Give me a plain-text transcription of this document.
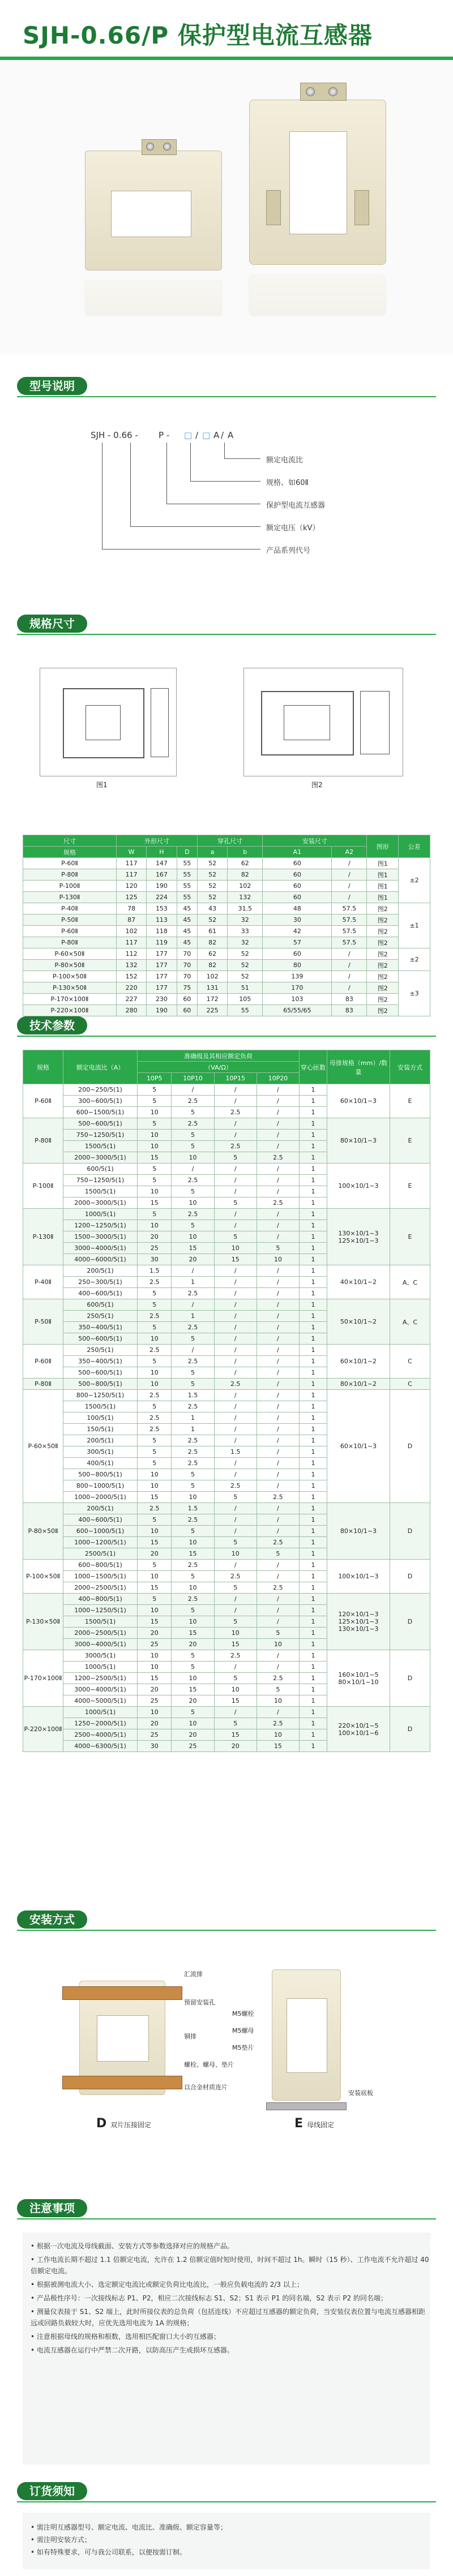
SJH-0.66/P 保护型电流互感器
型号说明
SJH - 0.66 - P - □ / □ A / A
额定电流比
规格、如60Ⅱ
保护型电流互感器
额定电压（kV）
产品系列代号
规格尺寸
图1	图2
尺寸	外形尺寸			穿孔尺寸		安装尺寸		图形	公差
规格	W	H	D	a	b	A1	A2		
P-60Ⅱ	117	147	55	52	62	60	/	图1	±2
P-80Ⅱ	117	167	55	52	82	60	/	图1	
P-100Ⅱ	120	190	55	52	102	60	/	图1	
P-130Ⅱ	125	224	55	52	132	60	/	图1	
P-40Ⅱ	78	153	45	43	31.5	48	57.5	图2	±1
P-50Ⅱ	87	113	45	52	32	30	57.5	图2	
P-60Ⅱ	102	118	45	61	33	42	57.5	图2	
P-80Ⅱ	117	119	45	82	32	57	57.5	图2	
P-60×50Ⅱ	112	177	70	62	52	60	/	图2	±2
P-80×50Ⅱ	132	177	70	82	52	80	/	图2	
P-100×50Ⅱ	152	177	70	102	52	139	/	图2	±3
P-130×50Ⅱ	220	177	75	131	51	170	/	图2	
P-170×100Ⅱ	227	230	60	172	105	103	83	图2	
P-220×100Ⅱ	280	190	60	225	55	65/55/65	83	图2	
技术参数
规格	额定电流比（A）	准确级及其相应额定负荷				穿心匝数	母排规格（mm）/数量	安装方式
		（VA/Ω）						
		10P5	10P10	10P15	10P20			
P-60Ⅱ	200~250/5(1)	5	/	/	/	1	60×10/1~3	E
	300~600/5(1)	5	2.5	/	/	1		
	600~1500/5(1)	10	5	2.5	/	1		
P-80Ⅱ	500~600/5(1)	5	2.5	/	/	1	80×10/1~3	E
	750~1250/5(1)	10	5	/	/	1		
	1500/5(1)	10	5	2.5	/	1		
	2000~3000/5(1)	15	10	5	2.5	1		
P-100Ⅱ	600/5(1)	5	/	/	/	1	100×10/1~3	E
	750~1250/5(1)	5	2.5	/	/	1		
	1500/5(1)	10	5	/	/	1		
	2000~3000/5(1)	15	10	5	2.5	1		
P-130Ⅱ	1000/5(1)	5	2.5	/	/	1	130×10/1~3
125×10/1~3	E
	1200~1250/5(1)	10	5	/	/	1		
	1500~3000/5(1)	20	10	5	/	1		
	3000~4000/5(1)	25	15	10	5	1		
	4000~6000/5(1)	30	20	15	10	1		
P-40Ⅱ	200/5(1)	1.5	/	/	/	1	40×10/1~2	A、C
	250~300/5(1)	2.5	1	/	/	1		
	400~600/5(1)	5	2.5	/	/	1		
P-50Ⅱ	600/5(1)	5	/	/	/	1	50×10/1~2	A、C
	250/5(1)	2.5	1	/	/	1		
	350~400/5(1)	5	2.5	/	/	1		
	500~600/5(1)	10	5	/	/	1		
P-60Ⅱ	250/5(1)	2.5	/	/	/	1	60×10/1~2	C
	350~400/5(1)	5	2.5	/	/	1		
	500~600/5(1)	10	5	/	/	1		
P-80Ⅱ	500~800/5(1)	10	5	2.5	/	1	80×10/1~2	C
P-60×50Ⅱ	800~1250/5(1)	2.5	1.5	/	/	1	60×10/1~3	D
	1500/5(1)	5	2.5	/	/	1		
	100/5(1)	2.5	1	/	/	1		
	150/5(1)	2.5	1	/	/	1		
	200/5(1)	5	2.5	/	/	1		
	300/5(1)	5	2.5	1.5	/	1		
	400/5(1)	5	2.5	/	/	1		
	500~800/5(1)	10	5	/	/	1		
	800~1000/5(1)	10	5	2.5	/	1		
	1000~2000/5(1)	15	10	5	2.5	1		
P-80×50Ⅱ	200/5(1)	2.5	1.5	/	/	1	80×10/1~3	D
	400~600/5(1)	5	2.5	/	/	1		
	600~1000/5(1)	10	5	/	/	1		
	1000~1200/5(1)	15	10	5	2.5	1		
	2500/5(1)	20	15	10	5	1		
P-100×50Ⅱ	600~800/5(1)	5	2.5	/	/	1	100×10/1~3	D
	1000~1500/5(1)	10	5	2.5	/	1		
	2000~2500/5(1)	15	10	5	2.5	1		
P-130×50Ⅱ	400~800/5(1)	5	2.5	/	/	1	120×10/1~3
125×10/1~3
130×10/1~3	D
	1000~1250/5(1)	10	5	/	/	1		
	1500/5(1)	15	10	5	/	1		
	2000~2500/5(1)	20	15	10	5	1		
	3000~4000/5(1)	25	20	15	10	1		
P-170×100Ⅱ	3000/5(1)	10	5	2.5	/	1	160×10/1~5
80×10/1~10	D
	1000/5(1)	10	5	/	/	1		
	1200~2500/5(1)	15	10	5	2.5	1		
	3000~4000/5(1)	20	15	10	5	1		
	4000~5000/5(1)	25	20	15	10	1		
P-220×100Ⅱ	1000/5(1)	10	5	/	/	1	220×10/1~5
100×10/1~6	D
	1250~2000/5(1)	20	10	5	2.5	1		
	2500~4000/5(1)	25	20	15	10	1		
	4000~6300/5(1)	30	25	20	15	1		
安装方式
汇流排
预留安装孔
铜排
螺栓、螺母、垫片
以合金材质连片
D 双片压接固定
M5螺栓
M5螺母
M5垫片
安装底板
E 母线固定
注意事项

• 根据一次电流及母线截面、安装方式等参数选择对应的规格产品。

• 工作电流长期不超过 1.1 倍额定电流，允许在 1.2 倍额定值时短时使用，时间不超过 1h。瞬时（15 秒）、工作电流不允许超过 40 倍额定电流。

• 根据被测电流大小、选定额定电流比或额定负荷比电流比，一般应负载电流的 2/3 以上；

• 产品极性序号：一次接线标志 P1、P2，相应二次接线标志 S1、S2；S1 表示 P1 的同名端，S2 表示 P2 的同名端；

• 测量仪表接于 S1、S2 端上，此时所接仪表的总负荷（包括连线）不应超过互感器的额定负荷，当安装仪表位置与电流互感器相距远或回路负载较大时，应优先选用电流为 1A 的规格；

• 注意根据母线的规格和根数，选用相匹配窗口大小的互感器；

• 电流互感器在运行中严禁二次开路，以防高压产生或损坏互感器。

订货须知

• 需注明互感器型号、额定电流、电流比、准确级、额定容量等；

• 需注明安装方式；

• 如有特殊要求，可与我公司联系，以便按需订制。
